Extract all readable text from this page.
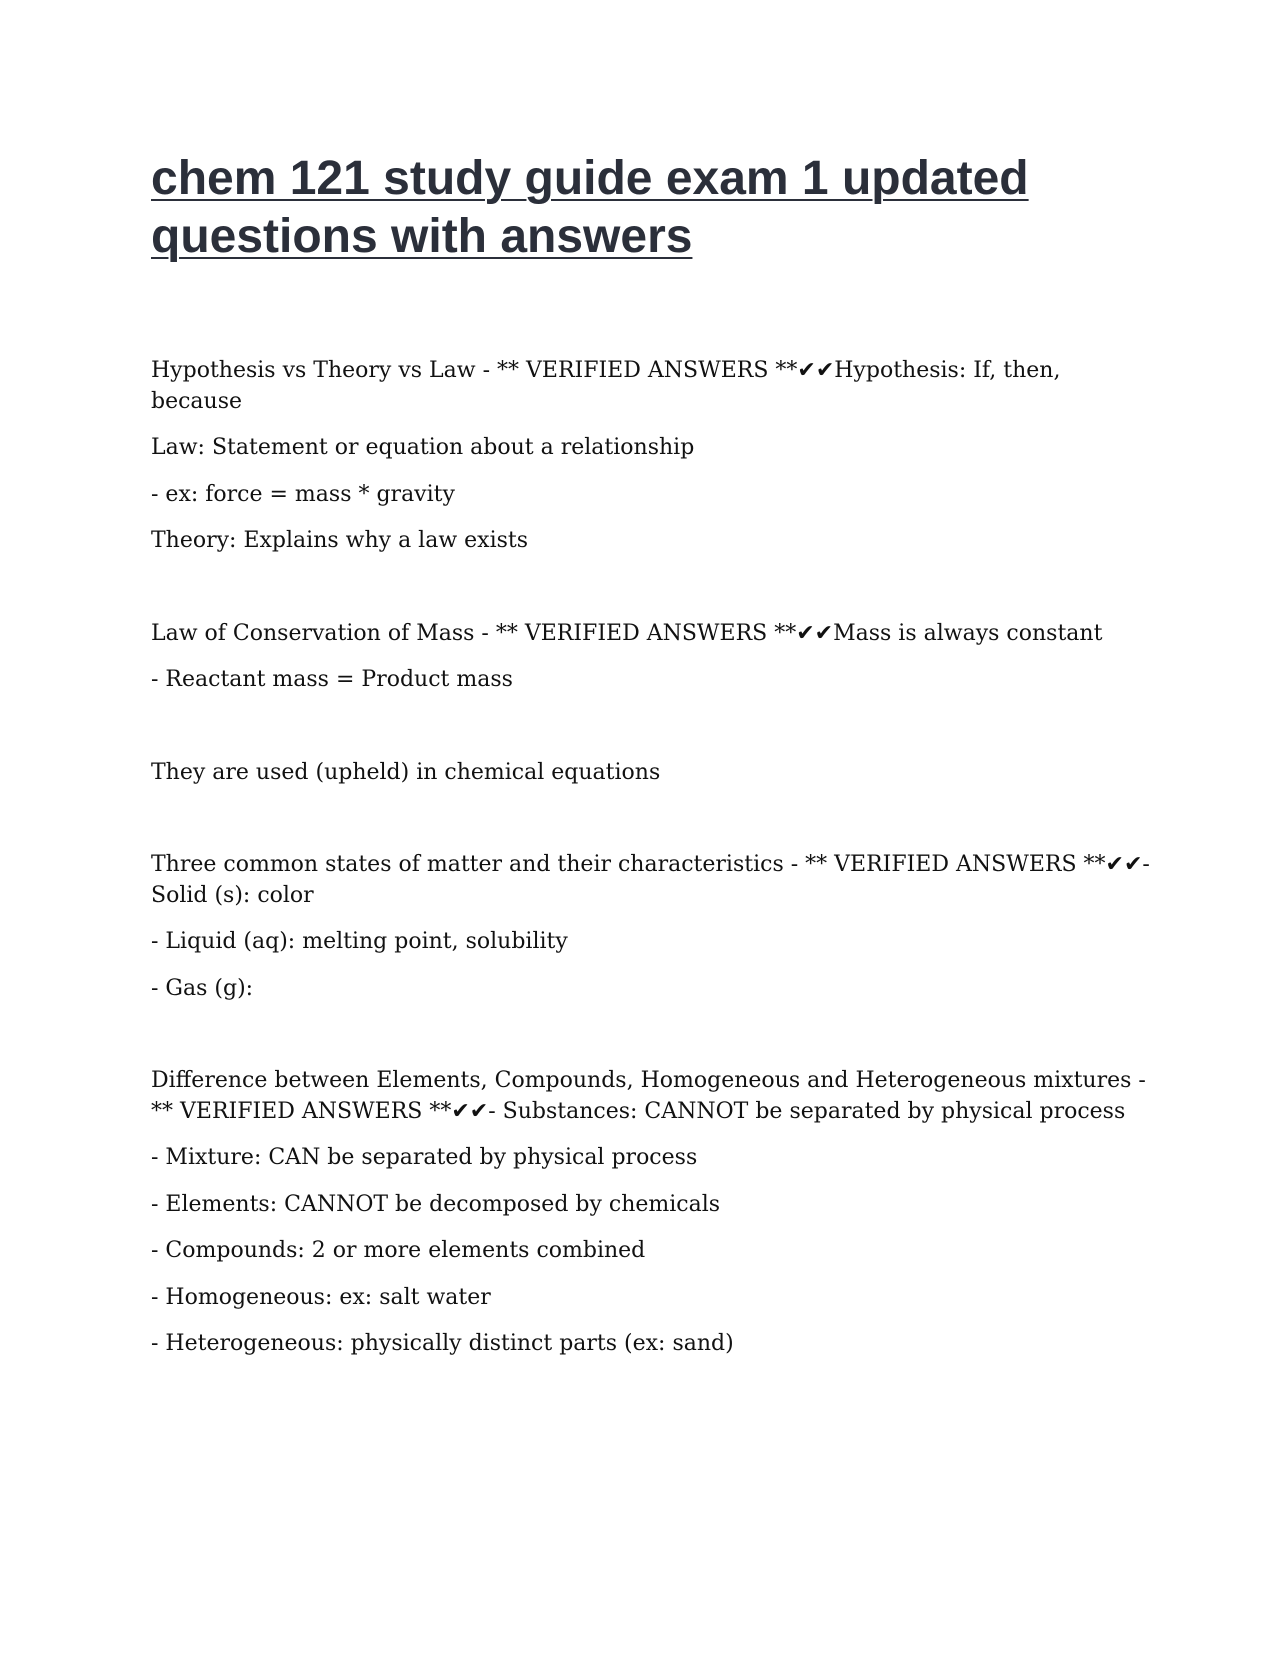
chem 121 study guide exam 1 updated questions with answers

Hypothesis vs Theory vs Law - ** VERIFIED ANSWERS **✔✔Hypothesis: If, then, because

Law: Statement or equation about a relationship

- ex: force = mass * gravity

Theory: Explains why a law exists

Law of Conservation of Mass - ** VERIFIED ANSWERS **✔✔Mass is always constant

- Reactant mass = Product mass

They are used (upheld) in chemical equations

Three common states of matter and their characteristics - ** VERIFIED ANSWERS **✔✔- Solid (s): color

- Liquid (aq): melting point, solubility

- Gas (g):

Difference between Elements, Compounds, Homogeneous and Heterogeneous mixtures - ** VERIFIED ANSWERS **✔✔- Substances: CANNOT be separated by physical process

- Mixture: CAN be separated by physical process

- Elements: CANNOT be decomposed by chemicals

- Compounds: 2 or more elements combined

- Homogeneous: ex: salt water

- Heterogeneous: physically distinct parts (ex: sand)
